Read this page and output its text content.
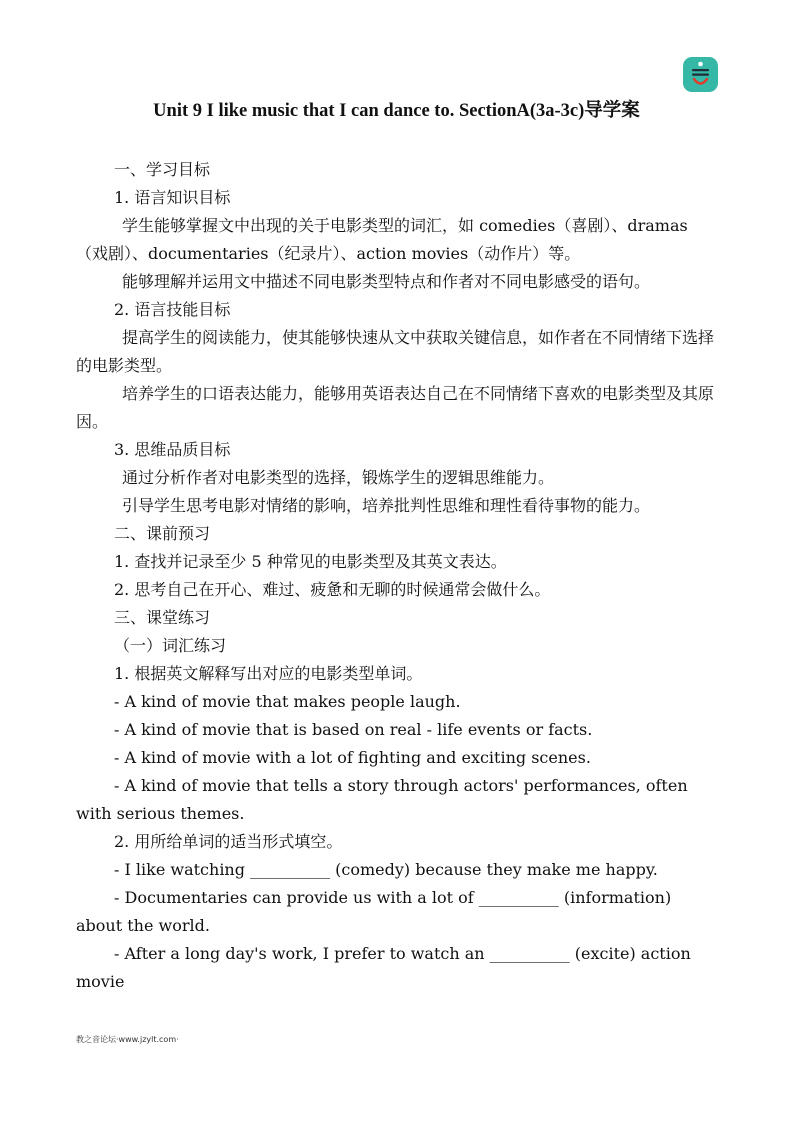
Unit 9 I like music that I can dance to. SectionA(3a-3c)导学案

一、学习目标

1. 语言知识目标

学生能够掌握文中出现的关于电影类型的词汇，如 comedies（喜剧）、dramas（戏剧）、documentaries（纪录片）、action movies（动作片）等。

能够理解并运用文中描述不同电影类型特点和作者对不同电影感受的语句。

2. 语言技能目标

提高学生的阅读能力，使其能够快速从文中获取关键信息，如作者在不同情绪下选择的电影类型。

培养学生的口语表达能力，能够用英语表达自己在不同情绪下喜欢的电影类型及其原因。

3. 思维品质目标

通过分析作者对电影类型的选择，锻炼学生的逻辑思维能力。

引导学生思考电影对情绪的影响，培养批判性思维和理性看待事物的能力。

二、课前预习

1. 查找并记录至少 5 种常见的电影类型及其英文表达。

2. 思考自己在开心、难过、疲惫和无聊的时候通常会做什么。

三、课堂练习

（一）词汇练习

1. 根据英文解释写出对应的电影类型单词。

- A kind of movie that makes people laugh.

- A kind of movie that is based on real - life events or facts.

- A kind of movie with a lot of fighting and exciting scenes.

- A kind of movie that tells a story through actors' performances, often with serious themes.

2. 用所给单词的适当形式填空。

- I like watching __________ (comedy) because they make me happy.

- Documentaries can provide us with a lot of __________ (information) about the world.

- After a long day's work, I prefer to watch an __________ (excite) action movie

教之音论坛·www.jzylt.com·
